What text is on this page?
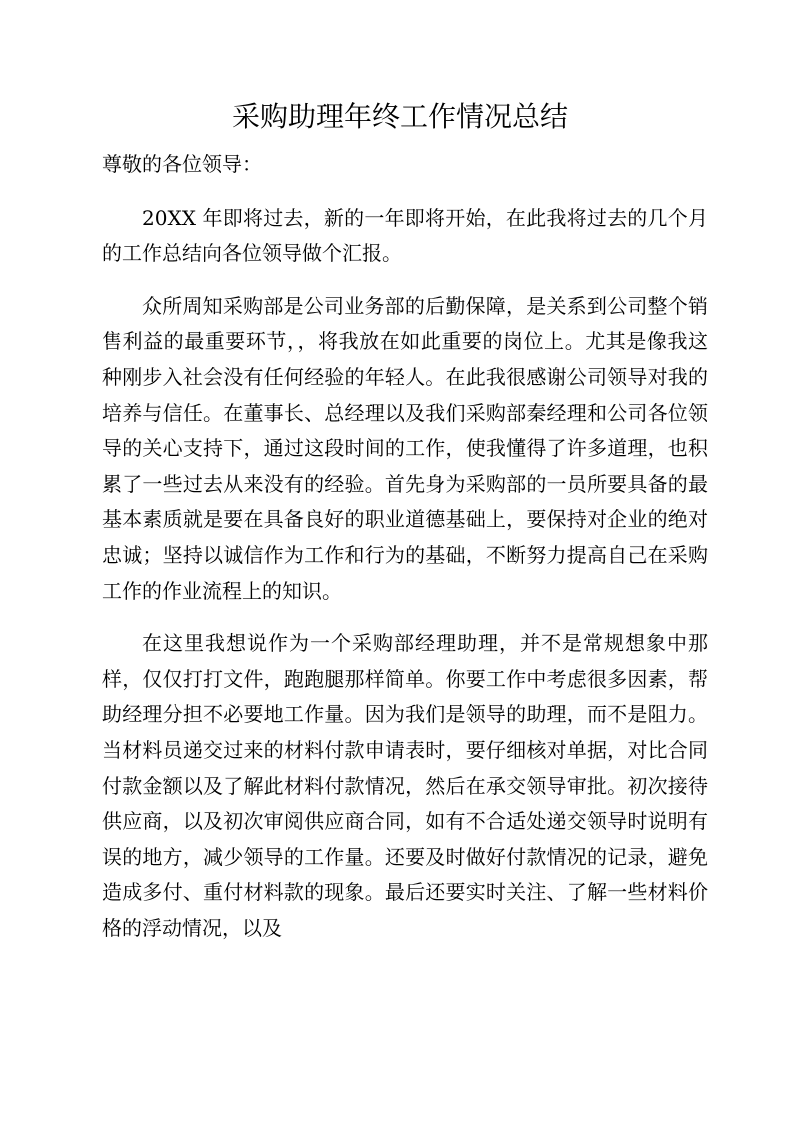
采购助理年终工作情况总结

尊敬的各位领导：

20XX 年即将过去，新的一年即将开始，在此我将过去的几个月的工作总结向各位领导做个汇报。

众所周知采购部是公司业务部的后勤保障，是关系到公司整个销售利益的最重要环节，，将我放在如此重要的岗位上。尤其是像我这种刚步入社会没有任何经验的年轻人。在此我很感谢公司领导对我的培养与信任。在董事长、总经理以及我们采购部秦经理和公司各位领导的关心支持下，通过这段时间的工作，使我懂得了许多道理，也积累了一些过去从来没有的经验。首先身为采购部的一员所要具备的最基本素质就是要在具备良好的职业道德基础上，要保持对企业的绝对忠诚；坚持以诚信作为工作和行为的基础，不断努力提高自己在采购工作的作业流程上的知识。

在这里我想说作为一个采购部经理助理，并不是常规想象中那样，仅仅打打文件，跑跑腿那样简单。你要工作中考虑很多因素，帮助经理分担不必要地工作量。因为我们是领导的助理，而不是阻力。当材料员递交过来的材料付款申请表时，要仔细核对单据，对比合同付款金额以及了解此材料付款情况，然后在承交领导审批。初次接待供应商，以及初次审阅供应商合同，如有不合适处递交领导时说明有误的地方，减少领导的工作量。还要及时做好付款情况的记录，避免造成多付、重付材料款的现象。最后还要实时关注、了解一些材料价格的浮动情况，以及
